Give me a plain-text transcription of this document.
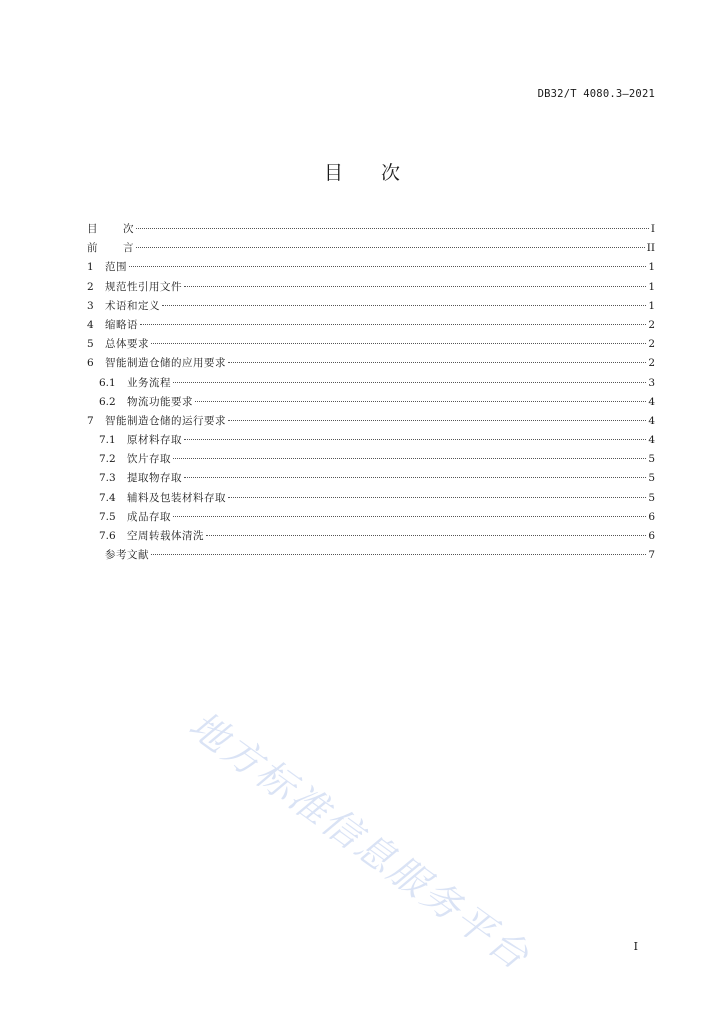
DB32/T 4080.3—2021
目 次
目	次	I
前	言	II
1	范围	1
2	规范性引用文件	1
3	术语和定义	1
4	缩略语	2
5	总体要求	2
6	智能制造仓储的应用要求	2
6.1	业务流程	3
6.2	物流功能要求	4
7	智能制造仓储的运行要求	4
7.1	原材料存取	4
7.2	饮片存取	5
7.3	提取物存取	5
7.4	辅料及包装材料存取	5
7.5	成品存取	6
7.6	空周转载体清洗	6
参考文献	7
地方标准信息服务平台	I
